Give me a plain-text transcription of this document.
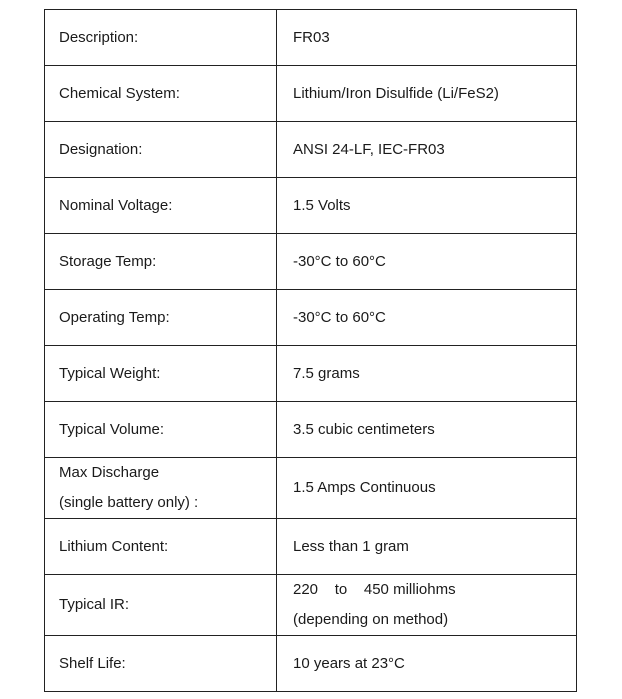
Description:	FR03

Chemical System:	Lithium/Iron Disulfide (Li/FeS2)

Designation:	ANSI 24-LF, IEC-FR03

Nominal Voltage:	1.5 Volts

Storage Temp:	-30°C to 60°C

Operating Temp:	-30°C to 60°C

Typical Weight:	7.5 grams

Typical Volume:	3.5 cubic centimeters

Max Discharge
(single battery only) :	1.5 Amps Continuous

Lithium Content:	Less than 1 gram

Typical IR:	220    to    450 milliohms
(depending on method)

Shelf Life:	10 years at 23°C
